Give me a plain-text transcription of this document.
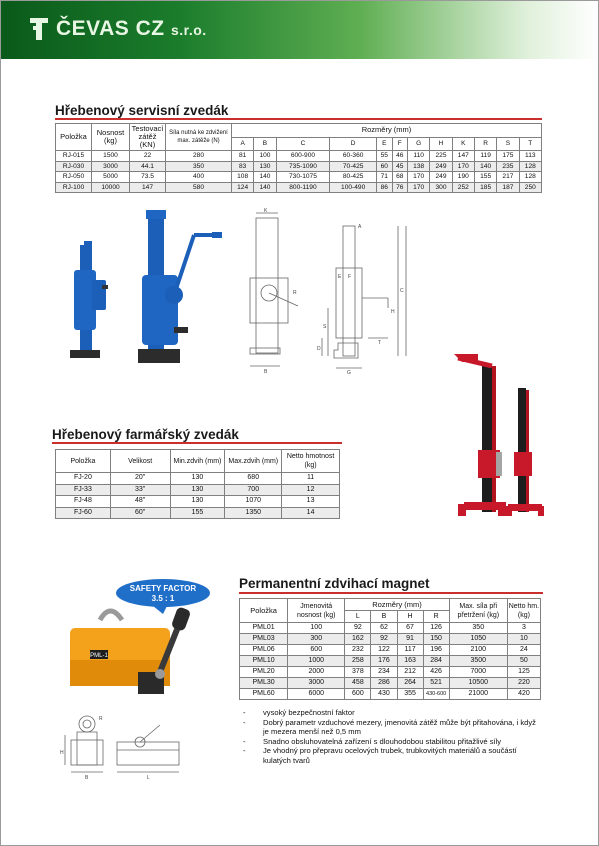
ČEVAS CZ s.r.o.
Hřebenový servisní zvedák
Položka	Nosnost (kg)	Testovací zátěž (KN)	Síla nutná ke zdvižení max. zátěže (N)	Rozměry (mm)											
				A	B	C	D	E	F	G	H	K	R	S	T
RJ-015	1500	22	280	81	100	600-900	60-360	55	46	110	225	147	119	175	113
RJ-030	3000	44.1	350	83	130	735-1090	70-425	60	45	138	249	170	140	235	128
RJ-050	5000	73.5	400	108	140	730-1075	80-425	71	68	170	249	190	155	217	128
RJ-100	10000	147	580	124	140	800-1190	100-490	86	76	170	300	252	185	187	250
K
B
R	C
H
S
D
A
T
G
E F
Hřebenový farmářský zvedák
Položka	Velikost	Min.zdvih (mm)	Max.zdvih (mm)	Netto hmotnost (kg)
FJ-20	20"	130	680	11
FJ-33	33"	130	700	12
FJ-48	48"	130	1070	13
FJ-60	60"	155	1350	14
Permanentní zdvihací magnet
Položka	Jmenovitá nosnost (kg)	Rozměry (mm)				Max. síla při přetržení (kg)	Netto hm. (kg)
		L	B	H	R		
PML01	100	92	62	67	126	350	3
PML03	300	162	92	91	150	1050	10
PML06	600	232	122	117	196	2100	24
PML10	1000	258	176	163	284	3500	50
PML20	2000	378	234	212	426	7000	125
PML30	3000	458	286	264	521	10500	220
PML60	6000	600	430	355	430-600	21000	420
SAFETY FACTOR
3.5 : 1
PML-1
H
R
B	L
- vysoký bezpečnostní faktor
- Dobrý parametr vzduchové mezery, jmenovitá zátěž může být přitahována, i když je mezera menší než 0,5 mm
- Snadno obsluhovatelná zařízení s dlouhodobou stabilitou přitažlivé síly
- Je vhodný pro přepravu ocelových trubek, trubkovitých materiálů a součástí kulatých tvarů
